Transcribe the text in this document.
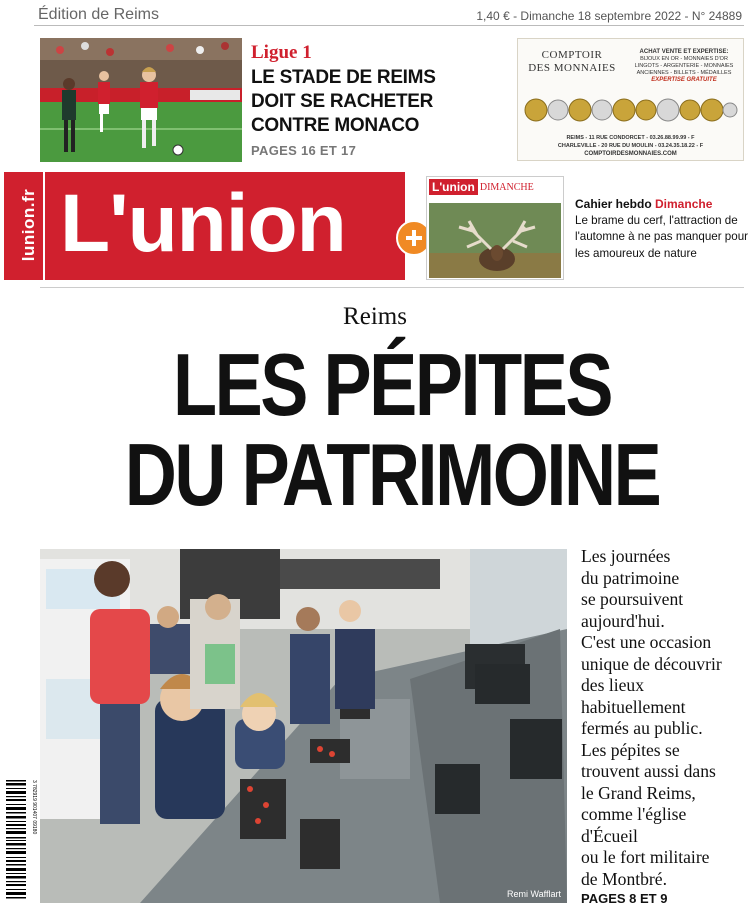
Édition de Reims	1,40 € - Dimanche 18 septembre 2022 - N° 24889
Ligue 1
LE STADE DE REIMS
DOIT SE RACHETER
CONTRE MONACO
PAGES 16 ET 17
COMPTOIR
DES MONNAIES
ACHAT VENTE ET EXPERTISE:
BIJOUX EN OR - MONNAIES D'OR
LINGOTS - ARGENTERIE - MONNAIES
ANCIENNES - BILLETS - MÉDAILLES
EXPERTISE GRATUITE
REIMS - 11 RUE CONDORCET - 03.26.88.99.99 - F
CHARLEVILLE - 20 RUE DU MOULIN - 03.24.35.18.22 - F
COMPTOIRDESMONNAIES.COM
lunion.fr L'union	L'union DIMANCHE
Cahier hebdo Dimanche
Le brame du cerf, l'attraction de l'automne à ne pas manquer pour les amoureux de nature
Reims
LES PÉPITES
DU PATRIMOINE
Remi Wafflart
3 782919 901407 09180
Les journées
du patrimoine
se poursuivent
aujourd'hui.
C'est une occasion
unique de découvrir
des lieux
habituellement
fermés au public.
Les pépites se
trouvent aussi dans
le Grand Reims,
comme l'église
d'Écueil
ou le fort militaire
de Montbré.
PAGES 8 ET 9
